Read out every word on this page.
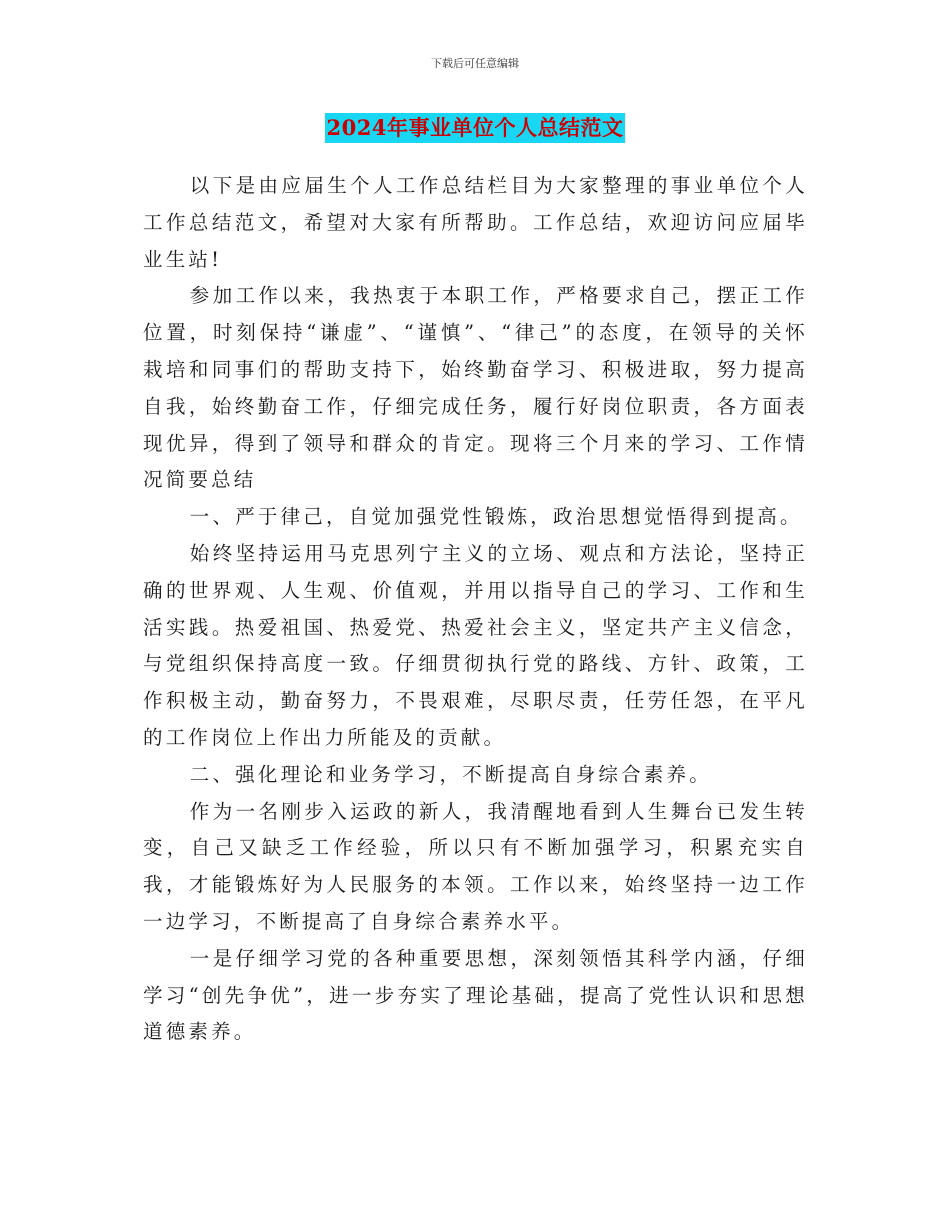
下载后可任意编辑
2024年事业单位个人总结范文

以下是由应届生个人工作总结栏目为大家整理的事业单位个人工作总结范文，希望对大家有所帮助。工作总结，欢迎访问应届毕业生站!

参加工作以来，我热衷于本职工作，严格要求自己，摆正工作位置，时刻保持“谦虚”、“谨慎”、“律己”的态度，在领导的关怀栽培和同事们的帮助支持下，始终勤奋学习、积极进取，努力提高自我，始终勤奋工作，仔细完成任务，履行好岗位职责，各方面表现优异，得到了领导和群众的肯定。现将三个月来的学习、工作情况简要总结

一、严于律己，自觉加强党性锻炼，政治思想觉悟得到提高。

始终坚持运用马克思列宁主义的立场、观点和方法论，坚持正确的世界观、人生观、价值观，并用以指导自己的学习、工作和生活实践。热爱祖国、热爱党、热爱社会主义，坚定共产主义信念，与党组织保持高度一致。仔细贯彻执行党的路线、方针、政策，工作积极主动，勤奋努力，不畏艰难，尽职尽责，任劳任怨，在平凡的工作岗位上作出力所能及的贡献。

二、强化理论和业务学习，不断提高自身综合素养。

作为一名刚步入运政的新人，我清醒地看到人生舞台已发生转变，自己又缺乏工作经验，所以只有不断加强学习，积累充实自我，才能锻炼好为人民服务的本领。工作以来，始终坚持一边工作一边学习，不断提高了自身综合素养水平。

一是仔细学习党的各种重要思想，深刻领悟其科学内涵，仔细学习“创先争优”，进一步夯实了理论基础，提高了党性认识和思想道德素养。
